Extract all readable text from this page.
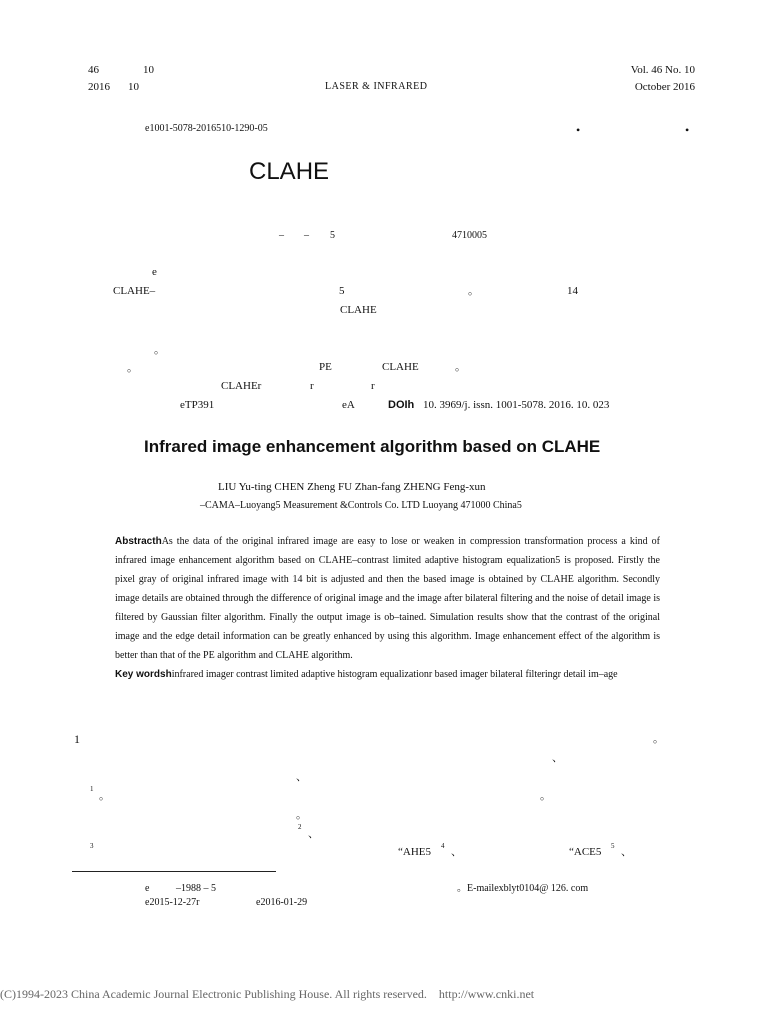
46	10
2016 10	LASER & INFRARED
Vol. 46 No. 10
October 2016
e1001-5078-2016510-1290-05	•	•
CLAHE
– – 5	4710005
e
CLAHE–	5	。	14
CLAHE
。
。	PE	CLAHE	。
CLAHEr	r	r
eTP391	eA	DOIh 10. 3969/j. issn. 1001-5078. 2016. 10. 023
Infrared image enhancement algorithm based on CLAHE
LIU Yu-ting CHEN Zheng FU Zhan-fang ZHENG Feng-xun
–CAMA–Luoyang5 Measurement &Controls Co. LTD Luoyang 471000 China5
AbstracthAs the data of the original infrared image are easy to lose or weaken in compression transformation process a kind of infrared image enhancement algorithm based on CLAHE–contrast limited adaptive histogram equalization5 is proposed. Firstly the pixel gray of original infrared image with 14 bit is adjusted and then the based image is obtained by CLAHE algorithm. Secondly image details are obtained through the difference of original image and the image after bilateral filtering and the noise of detail image is filtered by Gaussian filter algorithm. Finally the output image is ob–tained. Simulation results show that the contrast of the original image and the edge detail information can be greatly enhanced by using this algorithm. Image enhancement effect of the algorithm is better than that of the PE algorithm and CLAHE algorithm.
Key wordshinfrared imager contrast limited adaptive histogram equalizationr based imager bilateral filteringr detail im–age
1	。
、
、
1
。	。
。
2
、
3	“AHE5 4 、	“ACE5 5 、
e	–1988 – 5	。E-mailexblyt0104@ 126. com
e2015-12-27r	e2016-01-29
(C)1994-2023 China Academic Journal Electronic Publishing House. All rights reserved.    http://www.cnki.net
